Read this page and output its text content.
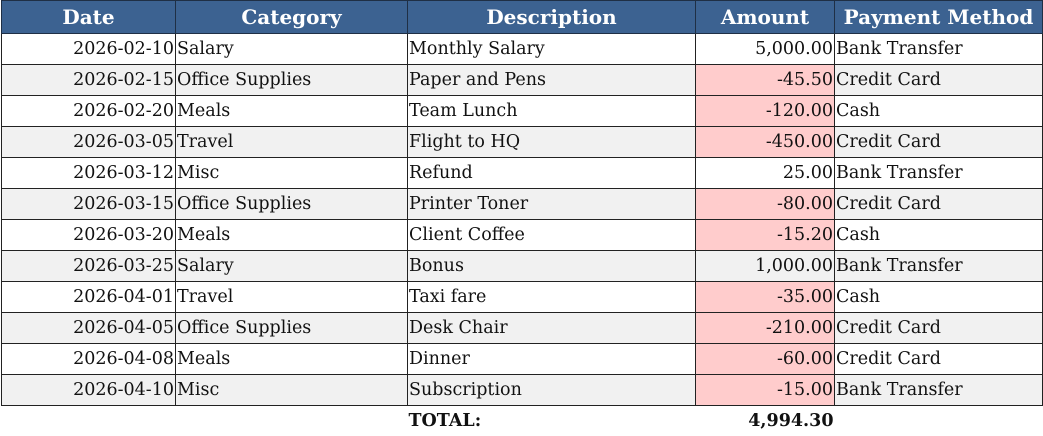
Date	Category	Description	Amount	Payment Method
2026-02-10	Salary	Monthly Salary	5,000.00	Bank Transfer
2026-02-15	Office Supplies	Paper and Pens	-45.50	Credit Card
2026-02-20	Meals	Team Lunch	-120.00	Cash
2026-03-05	Travel	Flight to HQ	-450.00	Credit Card
2026-03-12	Misc	Refund	25.00	Bank Transfer
2026-03-15	Office Supplies	Printer Toner	-80.00	Credit Card
2026-03-20	Meals	Client Coffee	-15.20	Cash
2026-03-25	Salary	Bonus	1,000.00	Bank Transfer
2026-04-01	Travel	Taxi fare	-35.00	Cash
2026-04-05	Office Supplies	Desk Chair	-210.00	Credit Card
2026-04-08	Meals	Dinner	-60.00	Credit Card
2026-04-10	Misc	Subscription	-15.00	Bank Transfer
		TOTAL:	4,994.30	
